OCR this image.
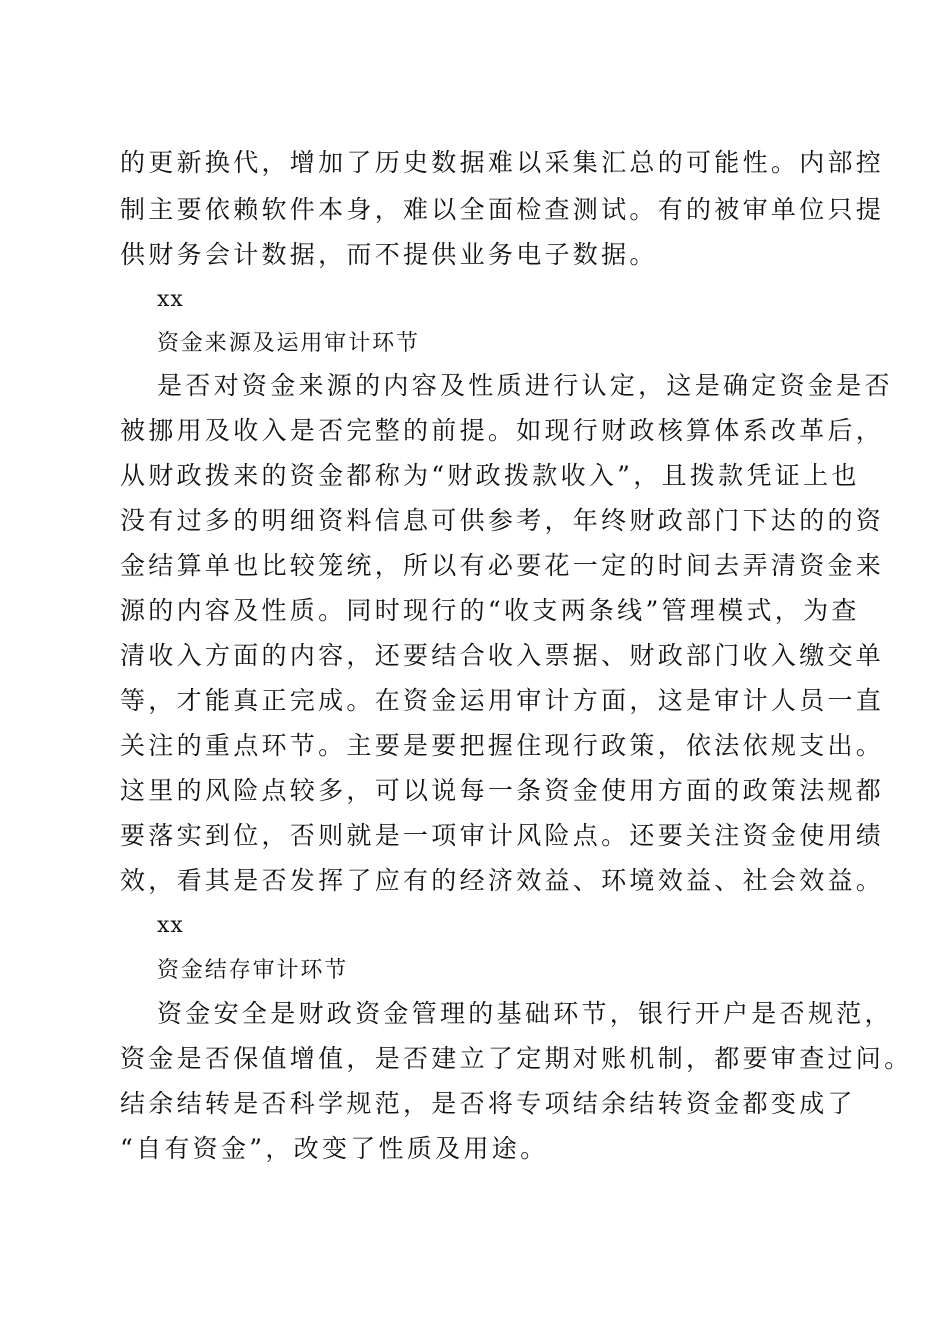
的更新换代，增加了历史数据难以采集汇总的可能性。内部控
制主要依赖软件本身，难以全面检查测试。有的被审单位只提
供财务会计数据，而不提供业务电子数据。
xx
资金来源及运用审计环节
是否对资金来源的内容及性质进行认定，这是确定资金是否
被挪用及收入是否完整的前提。如现行财政核算体系改革后，
从财政拨来的资金都称为“财政拨款收入”，且拨款凭证上也
没有过多的明细资料信息可供参考，年终财政部门下达的的资
金结算单也比较笼统，所以有必要花一定的时间去弄清资金来
源的内容及性质。同时现行的“收支两条线”管理模式，为查
清收入方面的内容，还要结合收入票据、财政部门收入缴交单
等，才能真正完成。在资金运用审计方面，这是审计人员一直
关注的重点环节。主要是要把握住现行政策，依法依规支出。
这里的风险点较多，可以说每一条资金使用方面的政策法规都
要落实到位，否则就是一项审计风险点。还要关注资金使用绩
效，看其是否发挥了应有的经济效益、环境效益、社会效益。
xx
资金结存审计环节
资金安全是财政资金管理的基础环节，银行开户是否规范，
资金是否保值增值，是否建立了定期对账机制，都要审查过问。
结余结转是否科学规范，是否将专项结余结转资金都变成了
“自有资金”，改变了性质及用途。
